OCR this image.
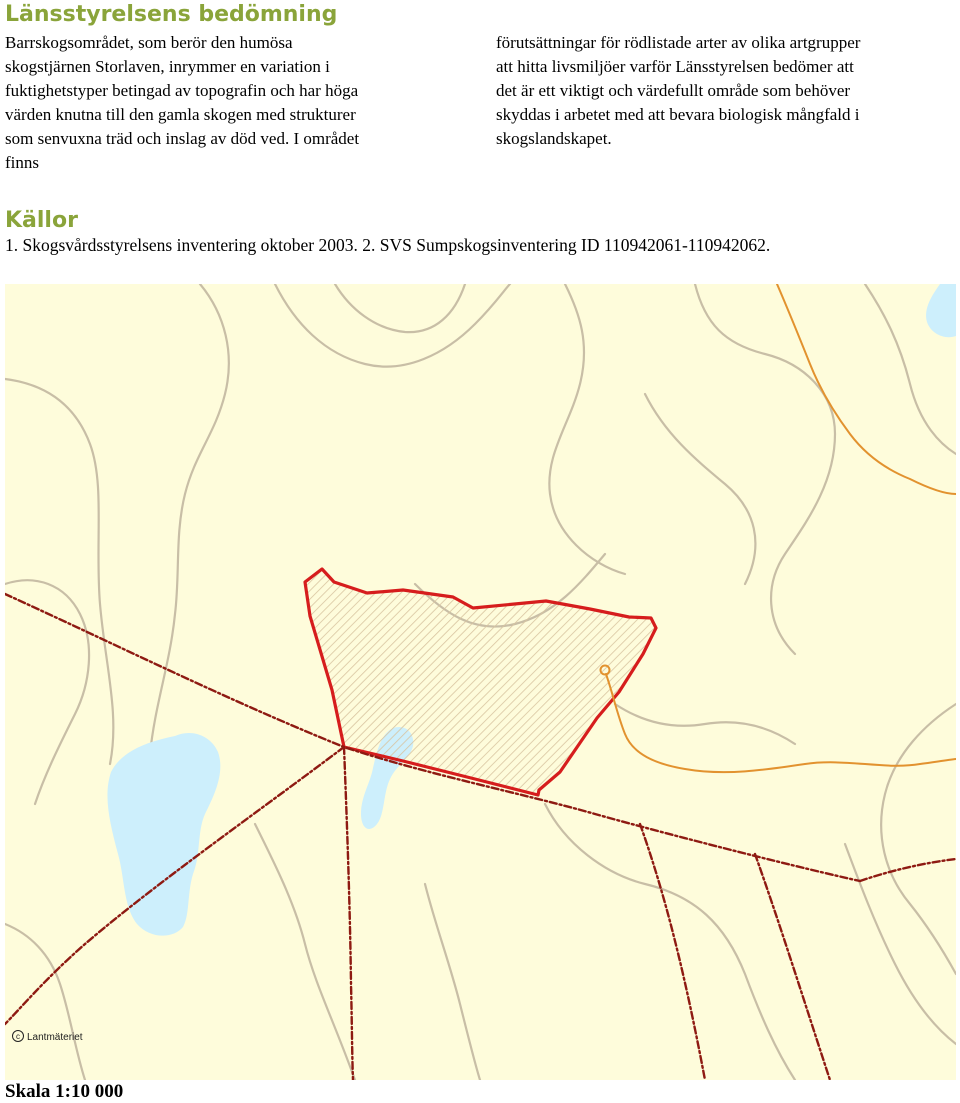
Länsstyrelsens bedömning

Barrskogsområdet, som berör den humösa
skogstjärnen Storlaven, inrymmer en variation i
fuktighetstyper betingad av topografin och har höga
värden knutna till den gamla skogen med strukturer
som senvuxna träd och inslag av död ved. I området
finns

förutsättningar för rödlistade arter av olika artgrupper
att hitta livsmiljöer varför Länsstyrelsen bedömer att
det är ett viktigt och värdefullt område som behöver
skyddas i arbetet med att bevara biologisk mångfald i
skogslandskapet.

Källor

1. Skogsvårdsstyrelsens inventering oktober 2003. 2. SVS Sumpskogsinventering ID 110942061-110942062.

c Lantmäteriet

Skala 1:10 000
